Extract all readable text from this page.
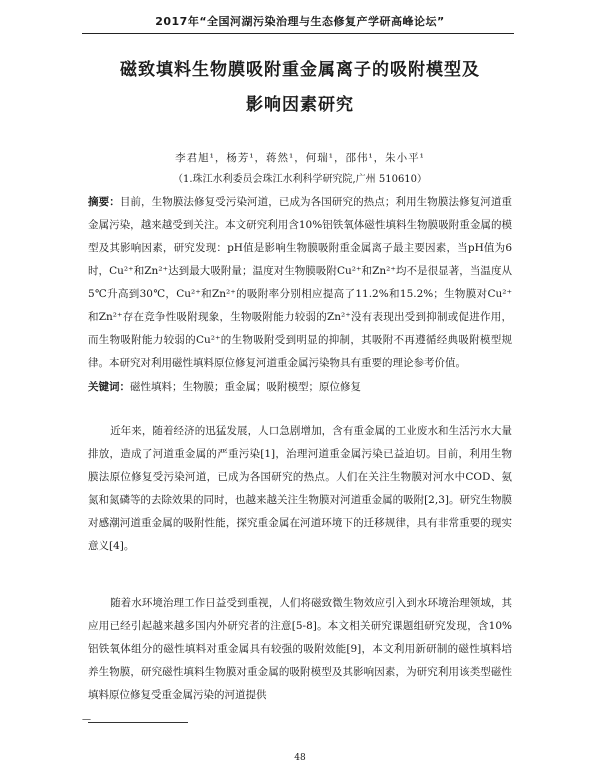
2017年“全国河湖污染治理与生态修复产学研高峰论坛”
磁致填料生物膜吸附重金属离子的吸附模型及
影响因素研究
李君旭¹，杨芳¹，蒋然¹，何瑞¹，邵伟¹，朱小平¹
（1.珠江水利委员会珠江水利科学研究院,广州 510610）
摘要：目前，生物膜法修复受污染河道，已成为各国研究的热点；利用生物膜法修复河道重金属污染，越来越受到关注。本文研究利用含10%铝铁氧体磁性填料生物膜吸附重金属的模型及其影响因素，研究发现：pH值是影响生物膜吸附重金属离子最主要因素，当pH值为6时，Cu²⁺和Zn²⁺达到最大吸附量；温度对生物膜吸附Cu²⁺和Zn²⁺均不是很显著，当温度从5℃升高到30℃，Cu²⁺和Zn²⁺的吸附率分别相应提高了11.2%和15.2%；生物膜对Cu²⁺和Zn²⁺存在竞争性吸附现象，生物吸附能力较弱的Zn²⁺没有表现出受到抑制或促进作用，而生物吸附能力较弱的Cu²⁺的生物吸附受到明显的抑制，其吸附不再遵循经典吸附模型规律。本研究对利用磁性填料原位修复河道重金属污染物具有重要的理论参考价值。
关键词：磁性填料；生物膜；重金属；吸附模型；原位修复
近年来，随着经济的迅猛发展，人口急剧增加，含有重金属的工业废水和生活污水大量排放，造成了河道重金属的严重污染[1]，治理河道重金属污染已益迫切。目前，利用生物膜法原位修复受污染河道，已成为各国研究的热点。人们在关注生物膜对河水中COD、氨氮和氮磷等的去除效果的同时，也越来越关注生物膜对河道重金属的吸附[2,3]。研究生物膜对感潮河道重金属的吸附性能，探究重金属在河道环境下的迁移规律，具有非常重要的现实意义[4]。
随着水环境治理工作日益受到重视，人们将磁致微生物效应引入到水环境治理领域，其应用已经引起越来越多国内外研究者的注意[5-8]。本文相关研究课题组研究发现，含10%铝铁氧体组分的磁性填料对重金属具有较强的吸附效能[9]，本文利用新研制的磁性填料培养生物膜，研究磁性填料生物膜对重金属的吸附模型及其影响因素，为研究利用该类型磁性填料原位修复受重金属污染的河道提供
—
48
